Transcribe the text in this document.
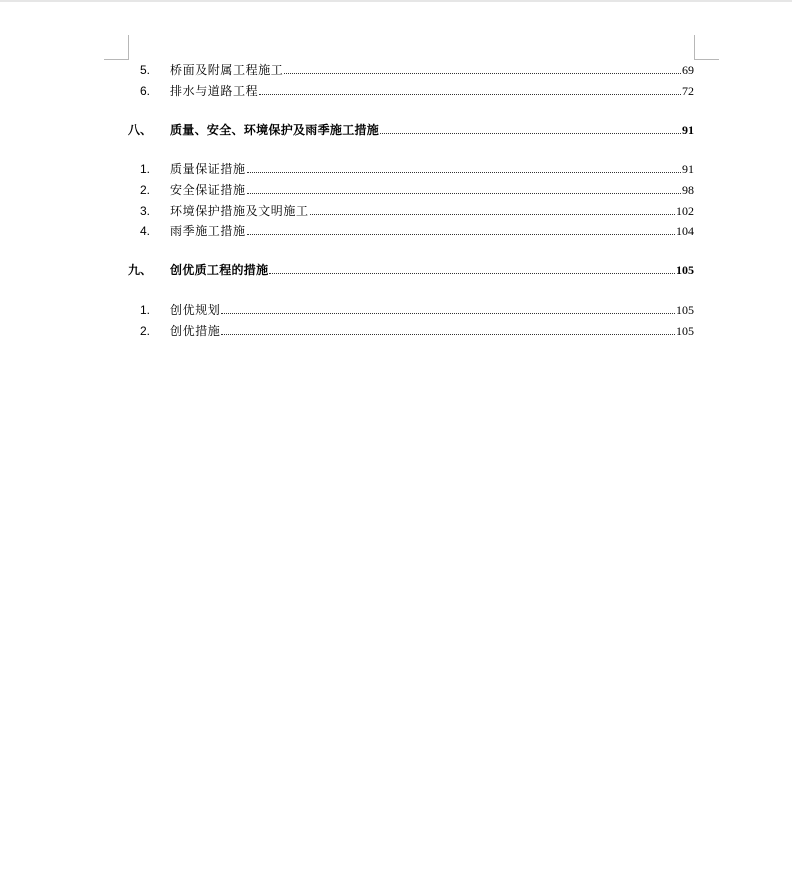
5.	桥面及附属工程施工	69
6.	排水与道路工程	72
八、	质量、安全、环境保护及雨季施工措施	91
1.	质量保证措施	91
2.	安全保证措施	98
3.	环境保护措施及文明施工	102
4.	雨季施工措施	104
九、	创优质工程的措施	105
1.	创优规划	105
2.	创优措施	105
